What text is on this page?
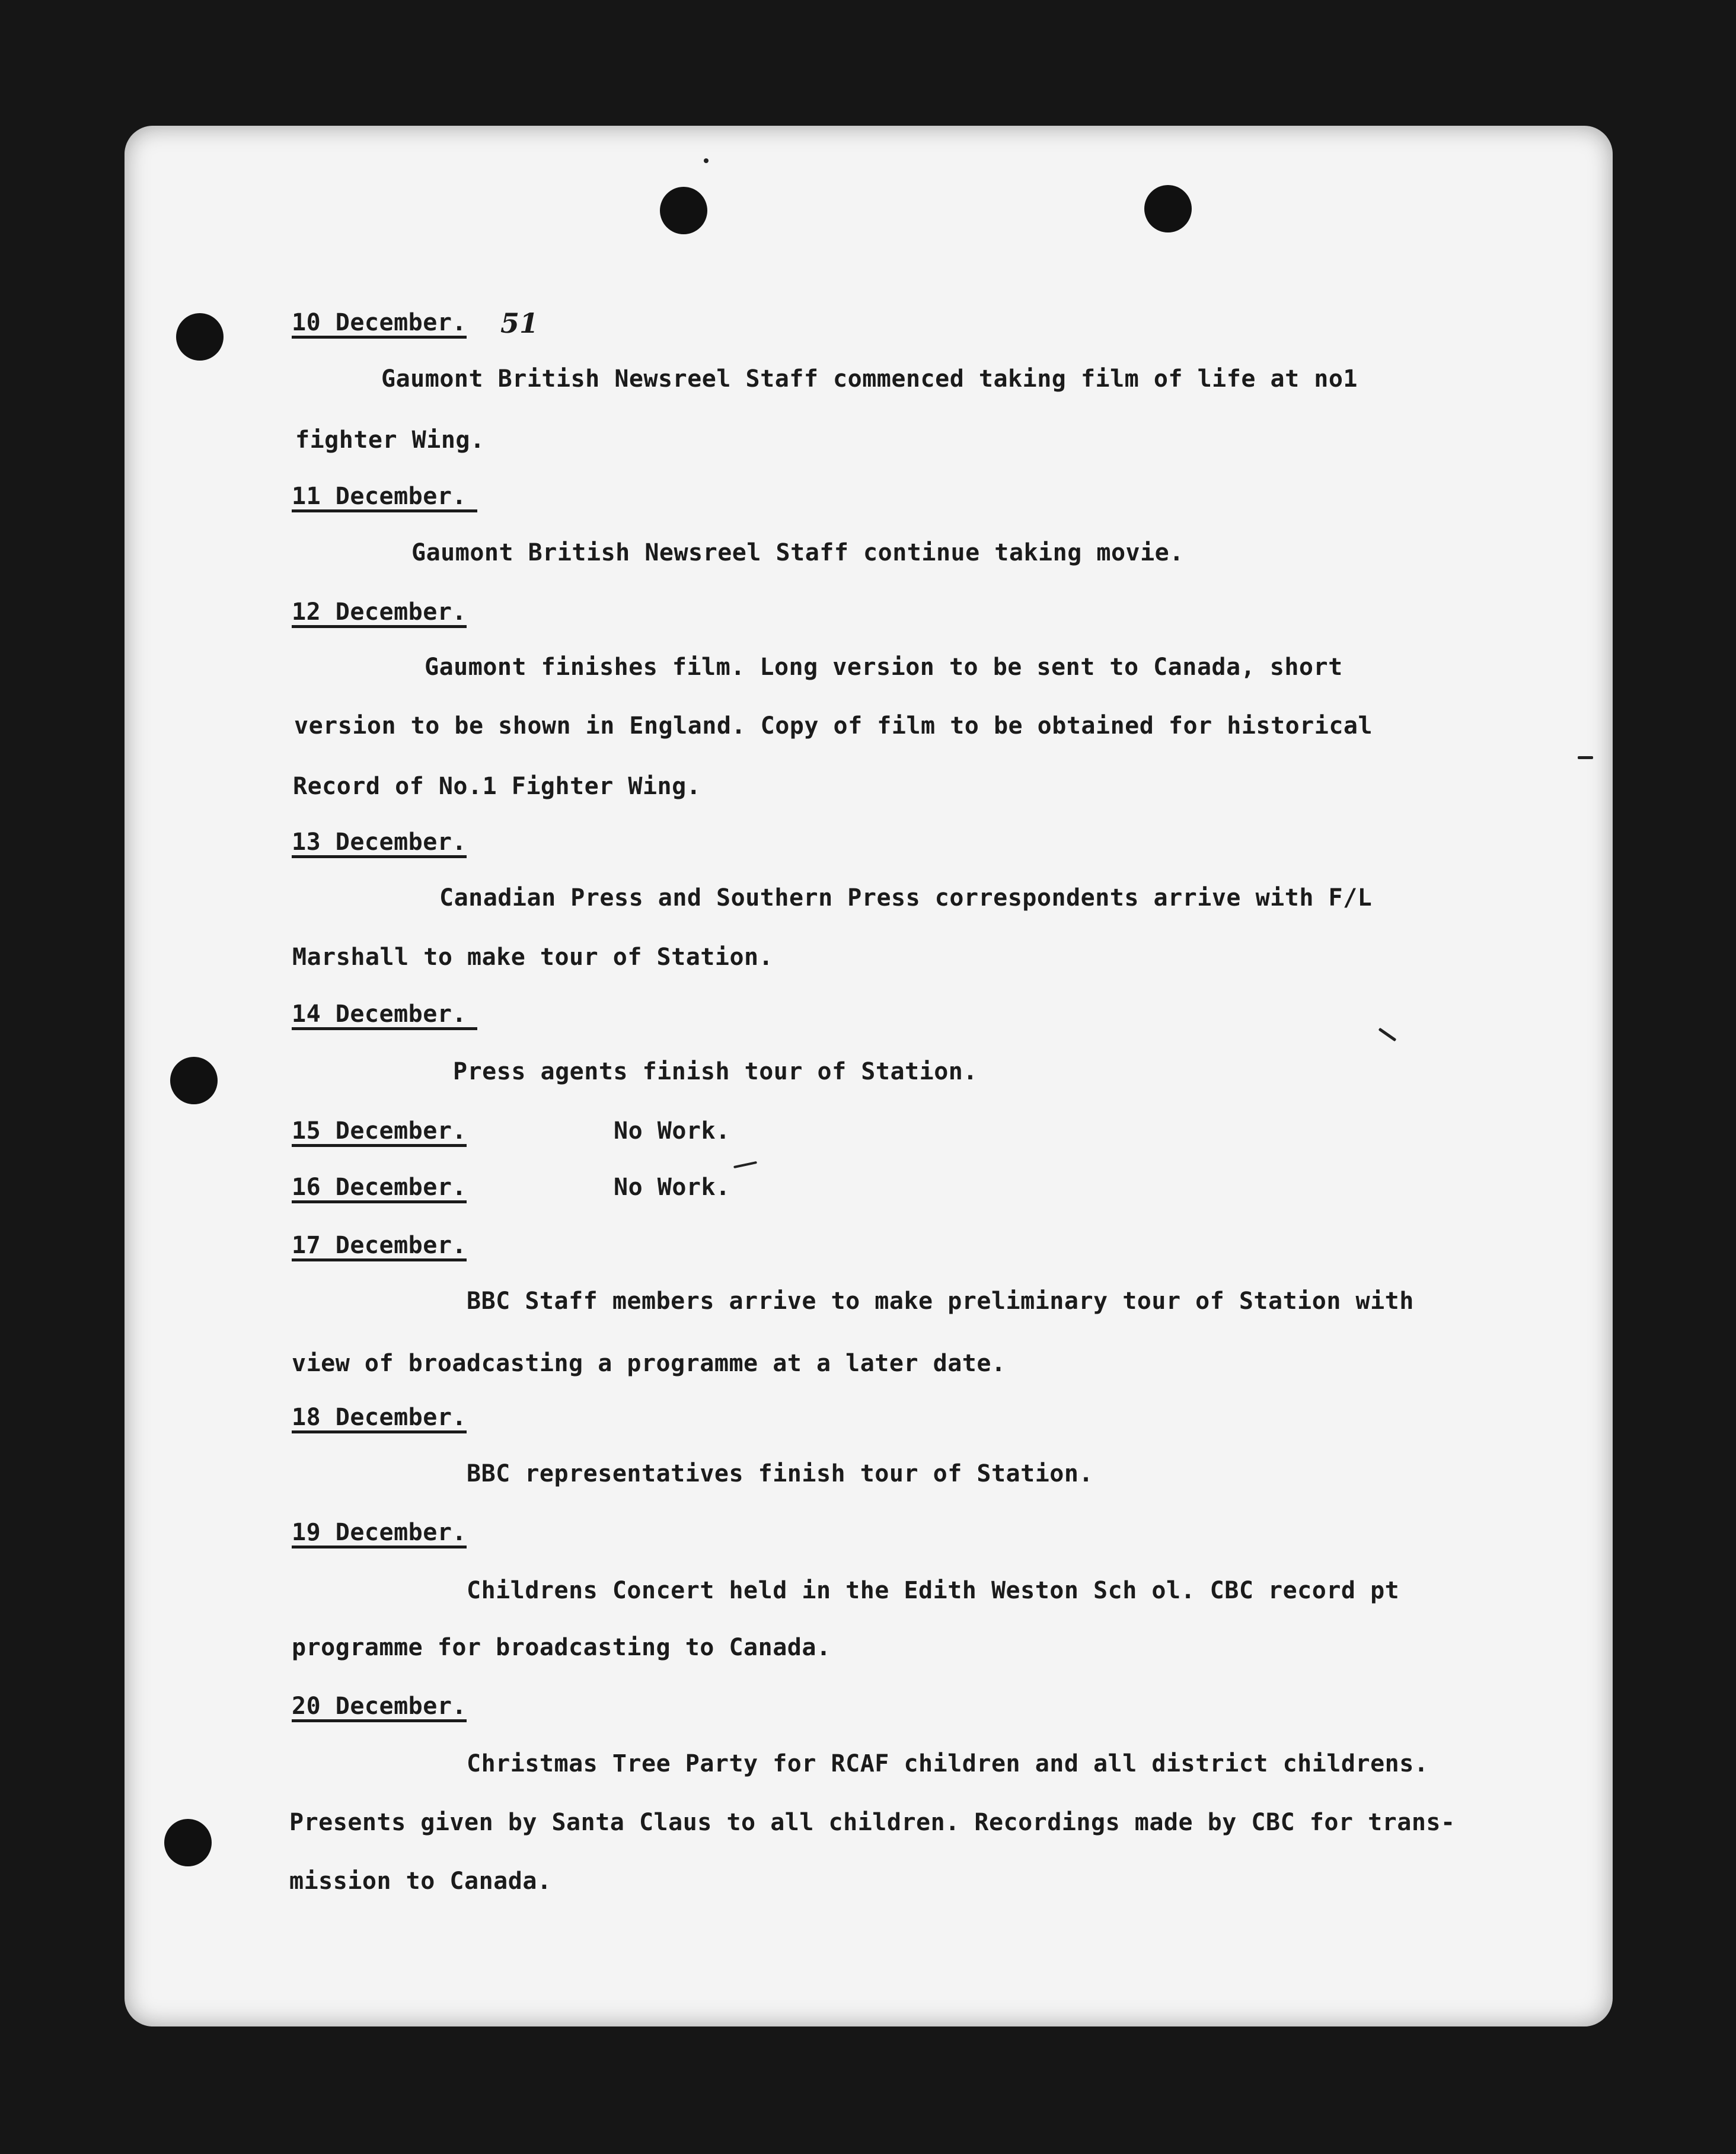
10 December. 51
Gaumont British Newsreel Staff commenced taking film of life at no1
fighter Wing.
11 December.
Gaumont British Newsreel Staff continue taking movie.
12 December.
Gaumont finishes film. Long version to be sent to Canada, short
version to be shown in England. Copy of film to be obtained for historical
Record of No.1 Fighter Wing.
13 December.
Canadian Press and Southern Press correspondents arrive with F/L
Marshall to make tour of Station.
14 December.
Press agents finish tour of Station.
15 December.	No Work.
16 December.	No Work.
17 December.
BBC Staff members arrive to make preliminary tour of Station with
view of broadcasting a programme at a later date.
18 December.
BBC representatives finish tour of Station.
19 December.
Childrens Concert held in the Edith Weston Sch ol. CBC record pt
programme for broadcasting to Canada.
20 December.
Christmas Tree Party for RCAF children and all district childrens.
Presents given by Santa Claus to all children. Recordings made by CBC for trans-
mission to Canada.
